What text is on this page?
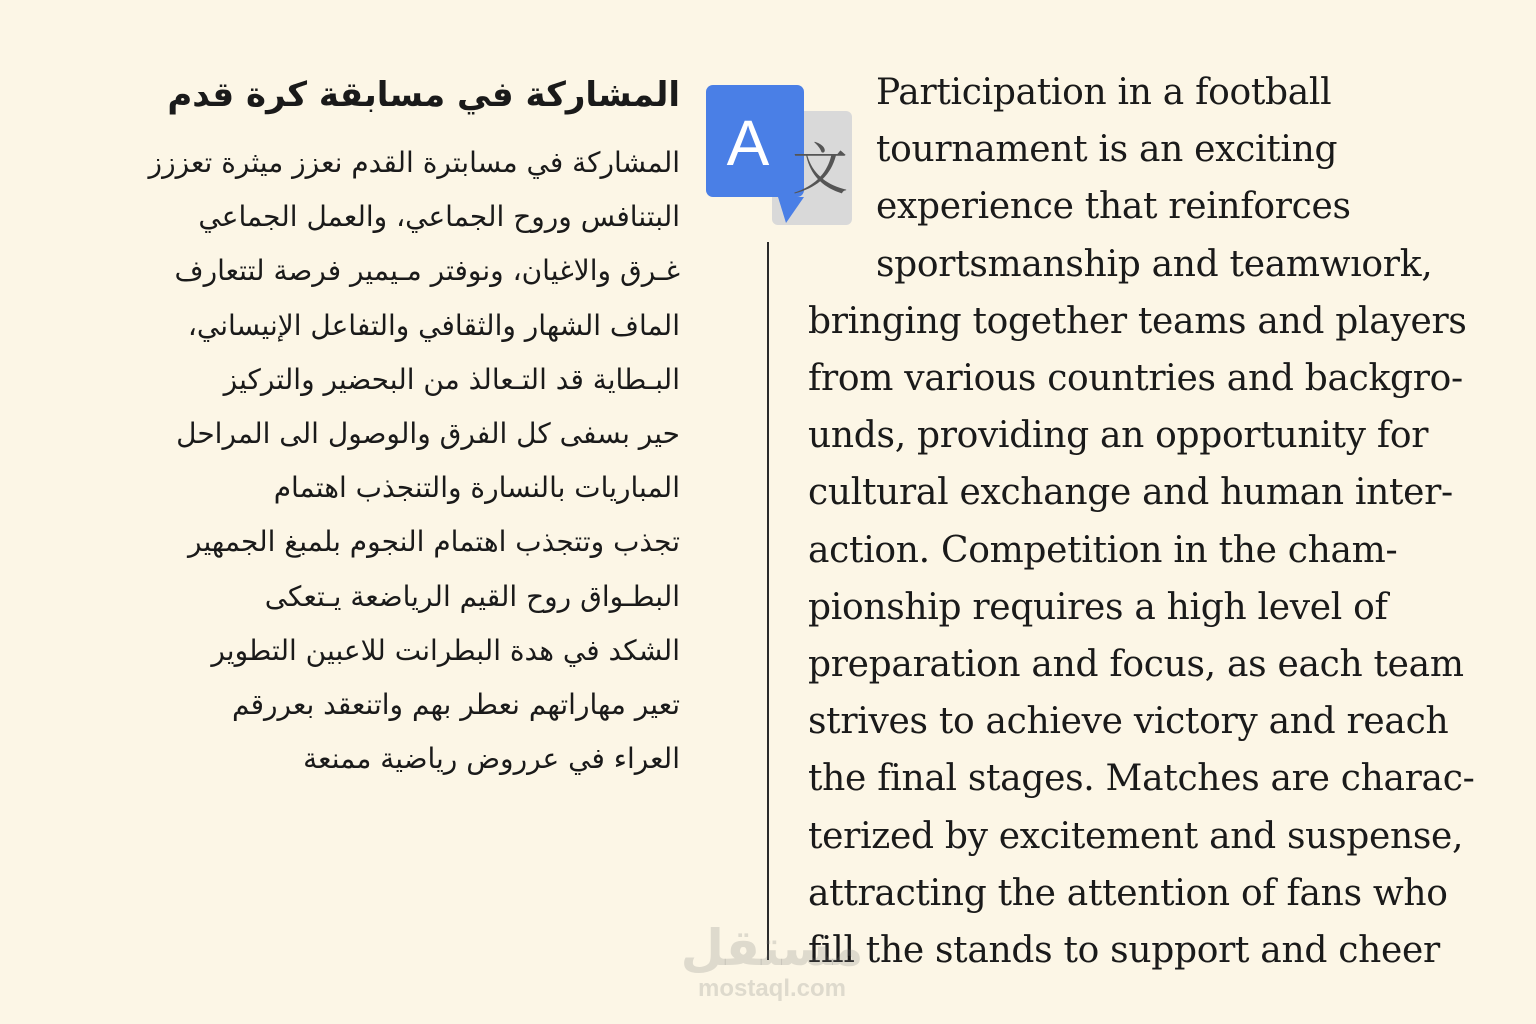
المشاركة في مسابقة كرة قدم
المشاركة في مسابترة القدم نعزز ميثرة تعززز
البتنافس وروح الجماعي، والعمل الجماعي
غـرق والاغيان، ونوفتر مـيمير فرصة لتتعارف
الماف الشهار والثقافي والتفاعل الإنيساني،
البـطاية قد التـعالذ من البحضير والتركيز
حير بسفى كل الفرق والوصول الى المراحل
المباريات بالنسارة والتنجذب اهتمام
تجذب وتتجذب اهتمام النجوم بلمبغ الجمهير
البطـواق روح القيم الرياضعة يـتعكى
الشكد في هدة البطرانت للاعبين التطوير
تعير مهاراتهم نعطر بهم واتنعقد بعررقم
العراء في عرروض رياضية ممنعة
A 文
Participation in a football
tournament is an exciting
experience that reinforces
sportsmanship and teamwıork,
bringing together teams and players
from various countries and backgro-
unds, providing an opportunity for
cultural exchange and human inter-
action. Competition in the cham-
pionship requires a high level of
preparation and focus, as each team
strives to achieve victory and reach
the final stages. Matches are charac-
terized by excitement and suspense,
attracting the attention of fans who
fill the stands to support and cheer
مستقل
mostaql.com
